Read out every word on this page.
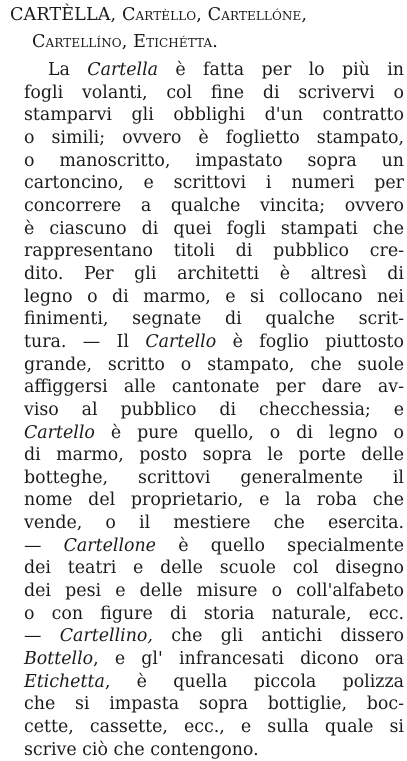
CARTÈLLA, Cartèllo, Cartellóne,
Cartellíno, Etichétta.
La Cartella è fatta per lo più in
fogli volanti, col fine di scrivervi o
stamparvi gli obblighi d'un contratto
o simili; ovvero è foglietto stampato,
o manoscritto, impastato sopra un
cartoncino, e scrittovi i numeri per
concorrere a qualche vincita; ovvero
è ciascuno di quei fogli stampati che
rappresentano titoli di pubblico cre-
dito. Per gli architetti è altresì di
legno o di marmo, e si collocano nei
finimenti, segnate di qualche scrit-
tura. — Il Cartello è foglio piuttosto
grande, scritto o stampato, che suole
affiggersi alle cantonate per dare av-
viso al pubblico di checchessia; e
Cartello è pure quello, o di legno o
di marmo, posto sopra le porte delle
botteghe, scrittovi generalmente il
nome del proprietario, e la roba che
vende, o il mestiere che esercita.
— Cartellone è quello specialmente
dei teatri e delle scuole col disegno
dei pesi e delle misure o coll'alfabeto
o con figure di storia naturale, ecc.
— Cartellino, che gli antichi dissero
Bottello, e gl' infrancesati dicono ora
Etichetta, è quella piccola polizza
che si impasta sopra bottiglie, boc-
cette, cassette, ecc., e sulla quale si
scrive ciò che contengono.
